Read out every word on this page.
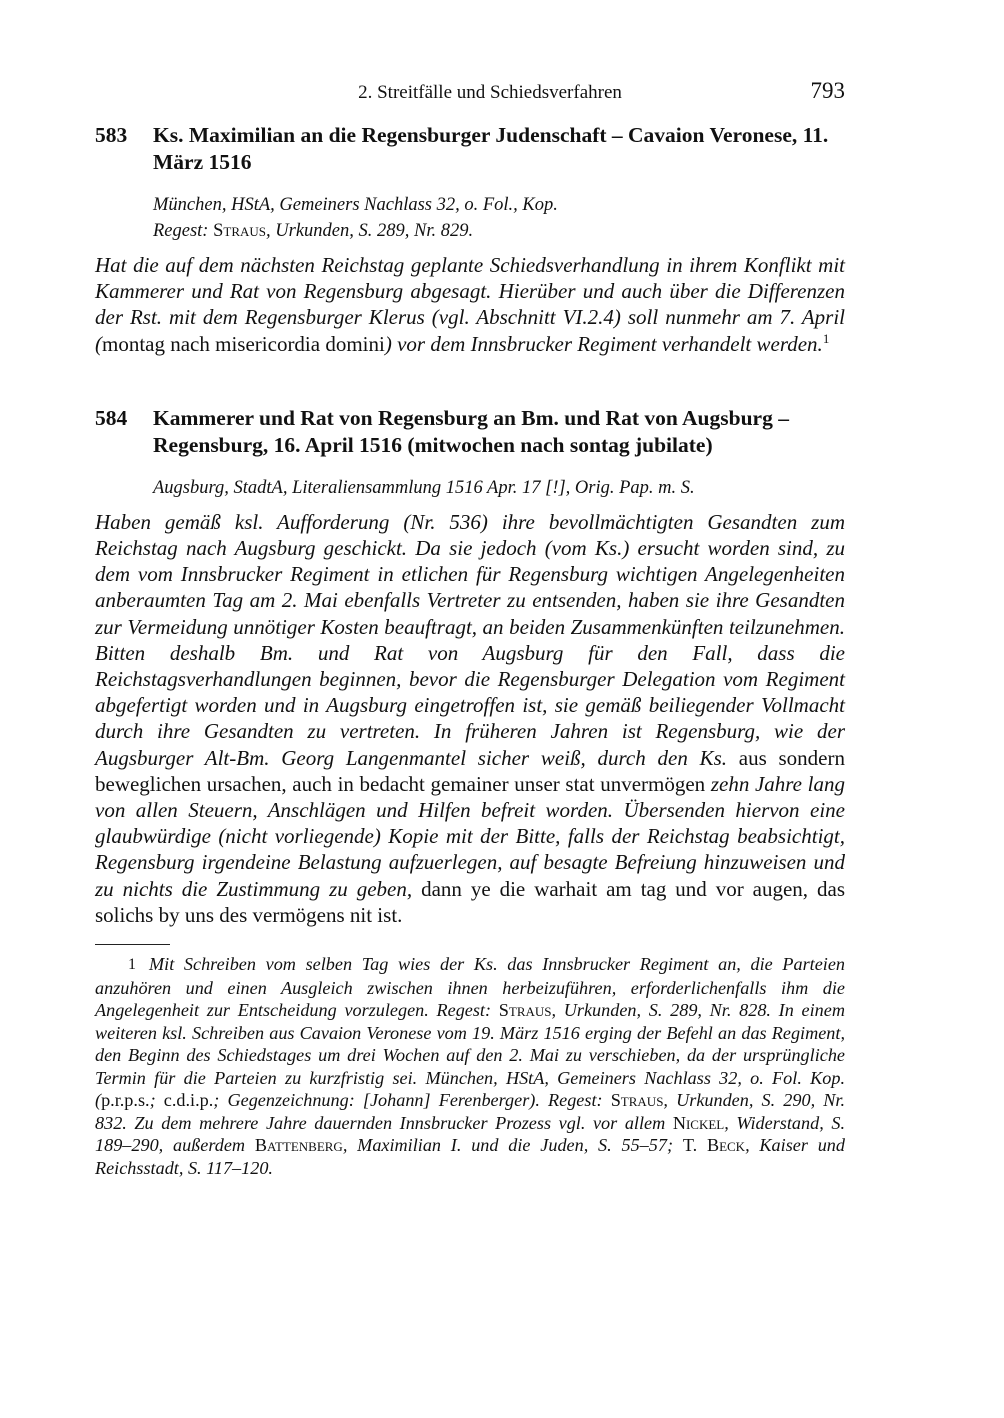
2. Streitfälle und Schiedsverfahren	793
583	Ks. Maximilian an die Regensburger Judenschaft – Cavaion Veronese, 11. März 1516
München, HStA, Gemeiners Nachlass 32, o. Fol., Kop.
Regest: Straus, Urkunden, S. 289, Nr. 829.
Hat die auf dem nächsten Reichstag geplante Schiedsverhandlung in ihrem Konflikt mit Kammerer und Rat von Regensburg abgesagt. Hierüber und auch über die Differenzen der Rst. mit dem Regensburger Klerus (vgl. Abschnitt VI.2.4) soll nunmehr am 7. April (montag nach misericordia domini) vor dem Innsbrucker Regiment verhandelt werden.$^1$
584	Kammerer und Rat von Regensburg an Bm. und Rat von Augsburg – Regensburg, 16. April 1516 (mitwochen nach sontag jubilate)
Augsburg, StadtA, Literaliensammlung 1516 Apr. 17 [!], Orig. Pap. m. S.
Haben gemäß ksl. Aufforderung (Nr. 536) ihre bevollmächtigten Gesandten zum Reichstag nach Augsburg geschickt. Da sie jedoch (vom Ks.) ersucht worden sind, zu dem vom Innsbrucker Regiment in etlichen für Regensburg wichtigen Angelegenheiten anberaumten Tag am 2. Mai ebenfalls Vertreter zu entsenden, haben sie ihre Gesandten zur Vermeidung unnötiger Kosten beauftragt, an beiden Zusammenkünften teilzunehmen. Bitten deshalb Bm. und Rat von Augsburg für den Fall, dass die Reichstagsverhandlungen beginnen, bevor die Regensburger Delegation vom Regiment abgefertigt worden und in Augsburg eingetroffen ist, sie gemäß beiliegender Vollmacht durch ihre Gesandten zu vertreten. In früheren Jahren ist Regensburg, wie der Augsburger Alt-Bm. Georg Langenmantel sicher weiß, durch den Ks. aus sondern beweglichen ursachen, auch in bedacht gemainer unser stat unvermögen zehn Jahre lang von allen Steuern, Anschlägen und Hilfen befreit worden. Übersenden hiervon eine glaubwürdige (nicht vorliegende) Kopie mit der Bitte, falls der Reichstag beabsichtigt, Regensburg irgendeine Belastung aufzuerlegen, auf besagte Befreiung hinzuweisen und zu nichts die Zustimmung zu geben, dann ye die warhait am tag und vor augen, das solichs by uns des vermögens nit ist.
1 Mit Schreiben vom selben Tag wies der Ks. das Innsbrucker Regiment an, die Parteien anzuhören und einen Ausgleich zwischen ihnen herbeizuführen, erforderlichenfalls ihm die Angelegenheit zur Entscheidung vorzulegen. Regest: Straus, Urkunden, S. 289, Nr. 828. In einem weiteren ksl. Schreiben aus Cavaion Veronese vom 19. März 1516 erging der Befehl an das Regiment, den Beginn des Schiedstages um drei Wochen auf den 2. Mai zu verschieben, da der ursprüngliche Termin für die Parteien zu kurzfristig sei. München, HStA, Gemeiners Nachlass 32, o. Fol. Kop. (p.r.p.s.; c.d.i.p.; Gegenzeichnung: [Johann] Ferenberger). Regest: Straus, Urkunden, S. 290, Nr. 832. Zu dem mehrere Jahre dauernden Innsbrucker Prozess vgl. vor allem Nickel, Widerstand, S. 189–290, außerdem Battenberg, Maximilian I. und die Juden, S. 55–57; T. Beck, Kaiser und Reichsstadt, S. 117–120.
